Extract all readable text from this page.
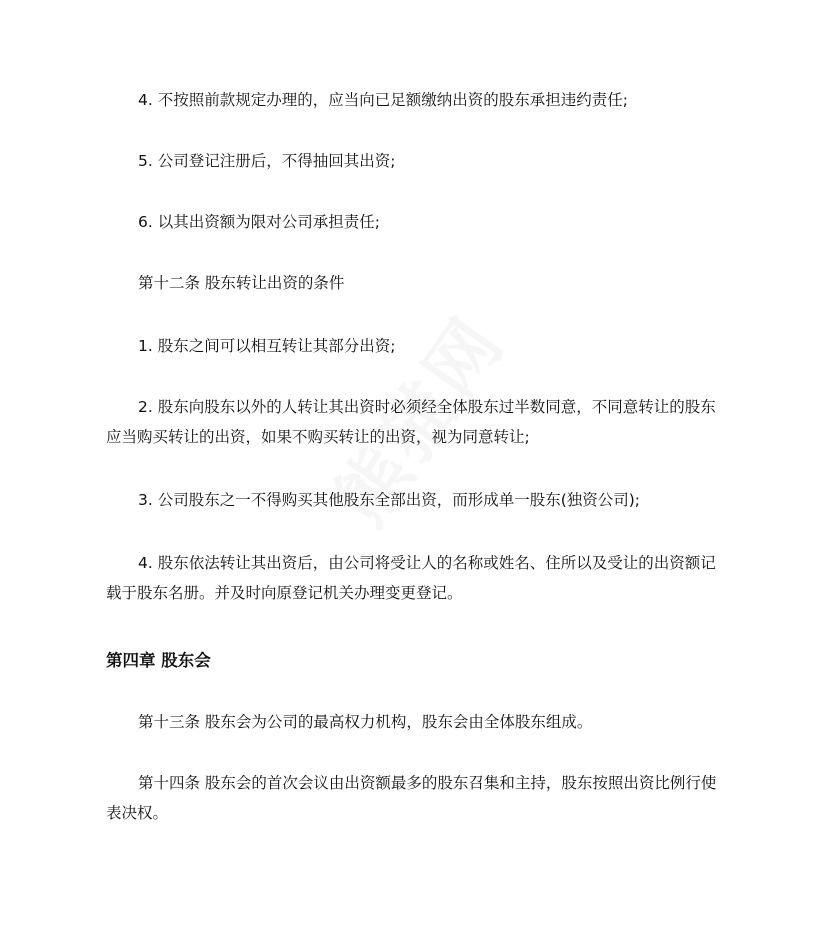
4. 不按照前款规定办理的，应当向已足额缴纳出资的股东承担违约责任;
5. 公司登记注册后，不得抽回其出资;
6. 以其出资额为限对公司承担责任;
第十二条 股东转让出资的条件
1. 股东之间可以相互转让其部分出资;
2. 股东向股东以外的人转让其出资时必须经全体股东过半数同意，不同意转让的股东应当购买转让的出资，如果不购买转让的出资，视为同意转让;
3. 公司股东之一不得购买其他股东全部出资，而形成单一股东(独资公司);
4. 股东依法转让其出资后，由公司将受让人的名称或姓名、住所以及受让的出资额记载于股东名册。并及时向原登记机关办理变更登记。
第四章 股东会
第十三条 股东会为公司的最高权力机构，股东会由全体股东组成。
第十四条 股东会的首次会议由出资额最多的股东召集和主持，股东按照出资比例行使表决权。
